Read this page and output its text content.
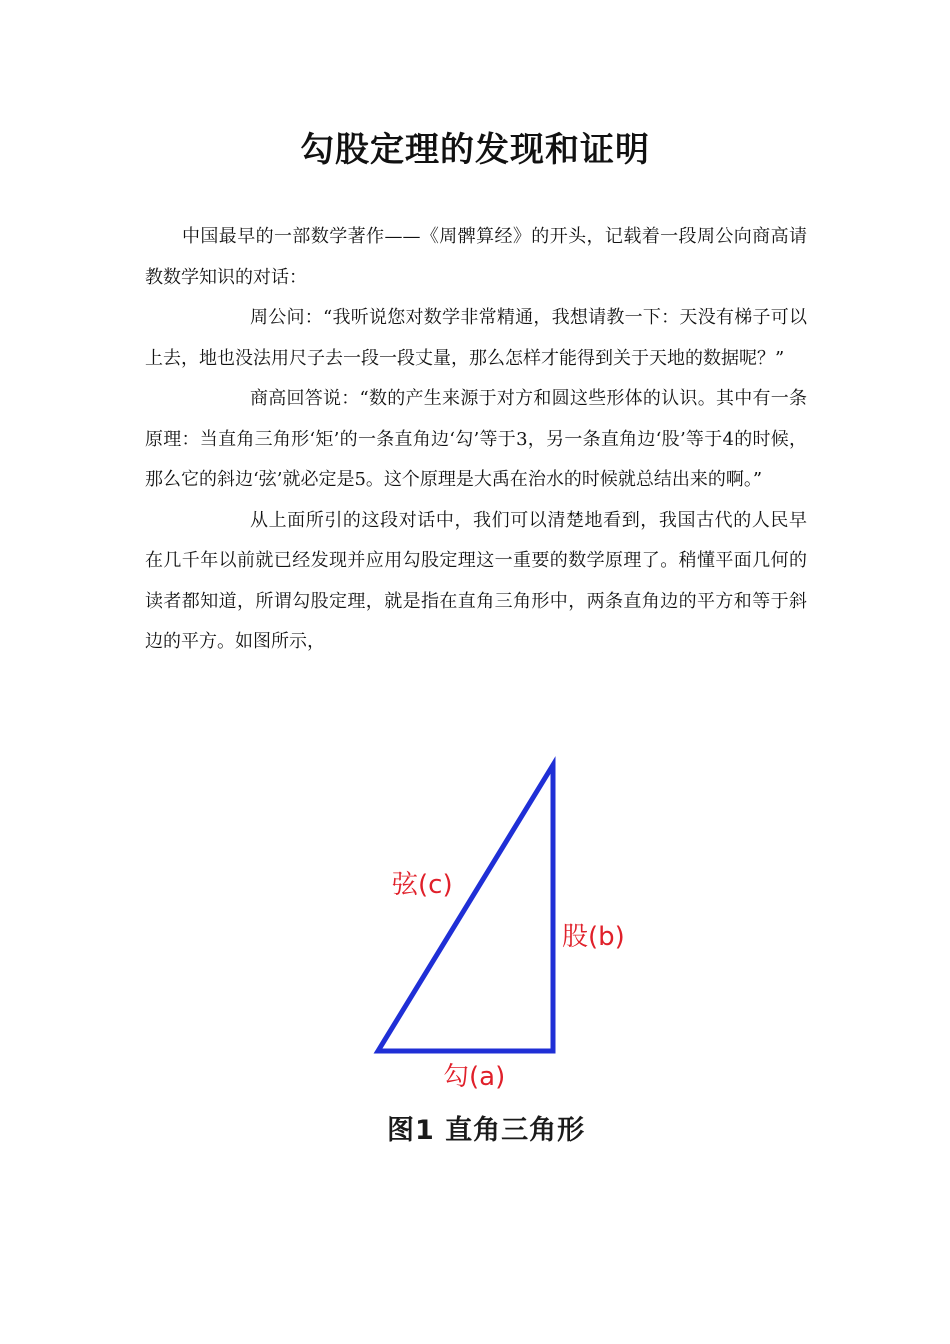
勾股定理的发现和证明

中国最早的一部数学著作——《周髀算经》的开头，记载着一段周公向商高请教数学知识的对话：

周公问：“我听说您对数学非常精通，我想请教一下：天没有梯子可以上去，地也没法用尺子去一段一段丈量，那么怎样才能得到关于天地的数据呢？”

商高回答说：“数的产生来源于对方和圆这些形体的认识。其中有一条原理：当直角三角形‘矩’的一条直角边‘勾’等于3，另一条直角边‘股’等于4的时候，那么它的斜边‘弦’就必定是5。这个原理是大禹在治水的时候就总结出来的啊。”

从上面所引的这段对话中，我们可以清楚地看到，我国古代的人民早在几千年以前就已经发现并应用勾股定理这一重要的数学原理了。稍懂平面几何的读者都知道，所谓勾股定理，就是指在直角三角形中，两条直角边的平方和等于斜边的平方。如图所示，

弦(c)
股(b)
勾(a)
图1 直角三角形
